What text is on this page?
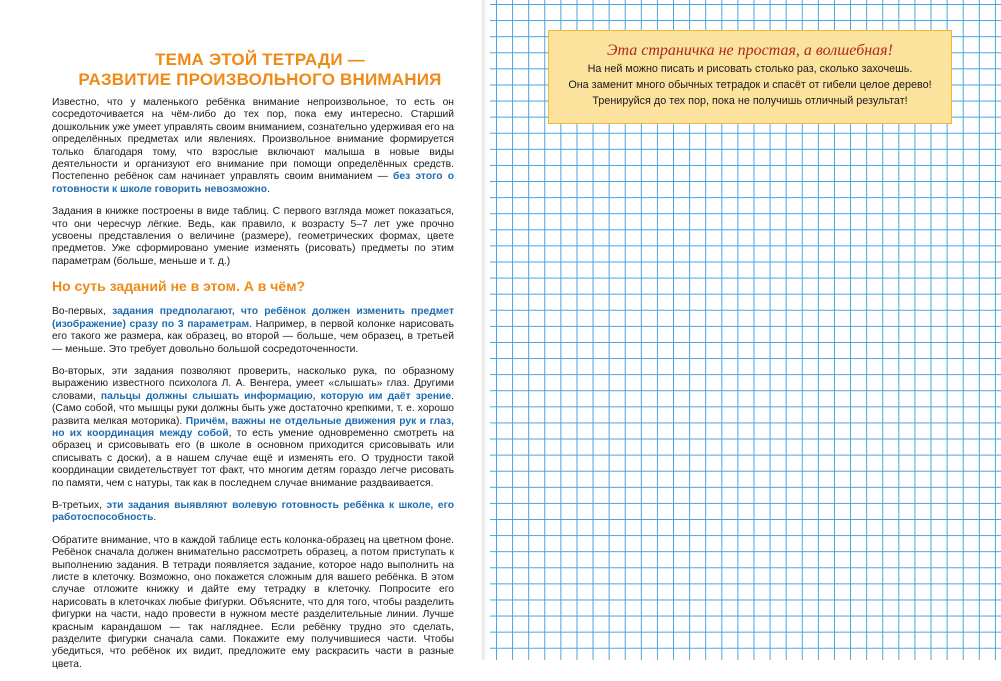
ТЕМА ЭТОЙ ТЕТРАДИ —
РАЗВИТИЕ ПРОИЗВОЛЬНОГО ВНИМАНИЯ

Известно, что у маленького ребёнка внимание непроизвольное, то есть он сосредоточивается на чём-либо до тех пор, пока ему интересно. Старший дошкольник уже умеет управлять своим вниманием, сознательно удерживая его на определённых предметах или явлениях. Произвольное внимание формируется только благодаря тому, что взрослые включают малыша в новые виды деятельности и организуют его внимание при помощи определённых средств. Постепенно ребёнок сам начинает управлять своим вниманием — без этого о готовности к школе говорить невозможно.

Задания в книжке построены в виде таблиц. С первого взгляда может показаться, что они чересчур лёгкие. Ведь, как правило, к возрасту 5–7 лет уже прочно усвоены представления о величине (размере), геометрических формах, цвете предметов. Уже сформировано умение изменять (рисовать) предметы по этим параметрам (больше, меньше и т. д.)

Но суть заданий не в этом. А в чём?

Во-первых, задания предполагают, что ребёнок должен изменить предмет (изображение) сразу по 3 параметрам. Например, в первой колонке нарисовать его такого же размера, как образец, во второй — больше, чем образец, в третьей — меньше. Это требует довольно большой сосредоточенности.

Во-вторых, эти задания позволяют проверить, насколько рука, по образному выражению известного психолога Л. А. Венгера, умеет «слышать» глаз. Другими словами, пальцы должны слышать информацию, которую им даёт зрение. (Само собой, что мышцы руки должны быть уже достаточно крепкими, т. е. хорошо развита мелкая моторика). Причём, важны не отдельные движения рук и глаз, но их координация между собой, то есть умение одновременно смотреть на образец и срисовывать его (в школе в основном приходится срисовывать или списывать с доски), а в нашем случае ещё и изменять его. О трудности такой координации свидетельствует тот факт, что многим детям гораздо легче рисовать по памяти, чем с натуры, так как в последнем случае внимание раздваивается.

В-третьих, эти задания выявляют волевую готовность ребёнка к школе, его работоспособность.

Обратите внимание, что в каждой таблице есть колонка-образец на цветном фоне. Ребёнок сначала должен внимательно рассмотреть образец, а потом приступать к выполнению задания. В тетради появляется задание, которое надо выполнить на листе в клеточку. Возможно, оно покажется сложным для вашего ребёнка. В этом случае отложите книжку и дайте ему тетрадку в клеточку. Попросите его нарисовать в клеточках любые фигурки. Объясните, что для того, чтобы разделить фигурки на части, надо провести в нужном месте разделительные линии. Лучше красным карандашом — так нагляднее. Если ребёнку трудно это сделать, разделите фигурки сначала сами. Покажите ему получившиеся части. Чтобы убедиться, что ребёнок их видит, предложите ему раскрасить части в разные цвета.

Эта страничка не простая, а волшебная!
На ней можно писать и рисовать столько раз, сколько захочешь.
Она заменит много обычных тетрадок и спасёт от гибели целое дерево!
Тренируйся до тех пор, пока не получишь отличный результат!
